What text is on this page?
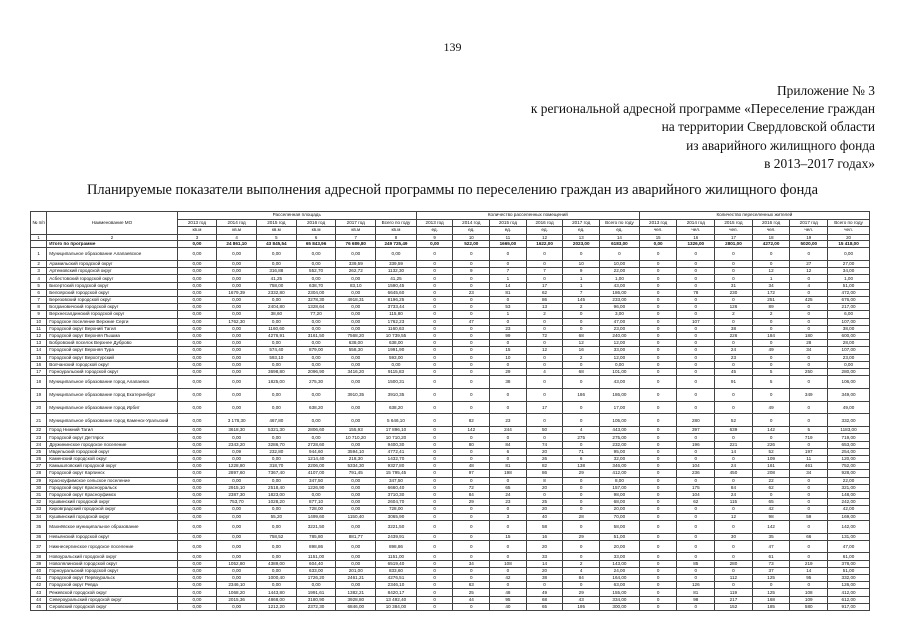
139
Приложение № 3
к региональной адресной программе «Переселение граждан
на территории Свердловской области
из аварийного жилищного фонда
в 2013–2017 годах»
Планируемые показатели выполнения адресной программы по переселению граждан из аварийного жилищного фонда
№ п/п	Наименование МО	Расселенная площадь						Количество расселенных помещений						Количество переселенных жителей					
		2013 год	2014 год	2015 год	2016 год	2017 год	Всего по году	2013 год	2014 год	2015 год	2016 год	2017 год	Всего по году	2013 год	2014 год	2015 год	2016 год	2017 год	Всего по году
		кв.м	кв.м	кв.м	кв.м	кв.м	кв.м	ед.	ед.	ед.	ед.	ед.	ед.	чел.	чел.	чел.	чел.	чел.	чел.
1	2	3	4	5	6	7	8	9	10	11	12	13	14	15	16	17	18	19	20
	Итого по программе	0,00	24 861,10	43 845,54	65 843,96	76 689,80	249 725,49	0,00	522,00	1665,00	1622,00	2023,00	6183,00	0,00	1326,00	2801,00	4272,00	5020,00	15 418,00
1	Муниципальное образование Алапаевское	0,00	0,00	0,00	0,00	0,00	0,00	0	0	0	0	0	0	0	0	0	0	0	0,00
2	Арамильский городской округ	0,00	0,00	0,00	0,00	339,59	339,59	0	0	0	0	10	10,00	0	0	0	0	27	27,00
3	Артемовский городской округ	0,00	0,00	316,88	552,70	262,72	1132,30	0	9	7	7	9	22,00	0	0	0	12	12	34,00
4	Асбестовский городской округ	0,00	0,00	41,25	0,00	0,00	41,25	0	0	1	0	1	1,00	0	0	0	1	0	1,00
5	Бисертский городской округ	0,00	0,00	758,00	638,70	83,10	1590,45	0	0	14	17	1	43,00	0	0	31	34	4	51,00
6	Белоярский городской округ	0,00	1679,39	2332,80	2304,00	0,00	6645,60	0	23	81	62	7	186,00	0	78	230	172	0	472,00
7	Березовский городской округ	0,00	0,00	0,00	3278,30	4918,31	8196,25	0	0	0	86	145	233,00	0	0	0	251	425	676,00
8	Богдановичский городской округ	0,00	0,00	2404,80	1328,64	0,00	3733,44	0	0	53	13	2	96,00	0	0	126	89	0	217,00
9	Верхнесалдинский городской округ	0,00	0,00	38,60	77,20	0,00	115,80	0	0	1	2	0	3,00	0	0	2	2	0	6,00
10	Городское поселение Верхние Серги	0,00	1762,30	0,00	0,00	0,00	1762,23	0	47	0	0	0	47,00	0	107	0	0	0	107,00
11	Городской округ Верхний Тагил	0,00	0,00	1160,60	0,00	0,00	1160,63	0	0	23	0	0	23,00	0	0	38	0	0	38,00
12	Городской округ Верхняя Пышма	0,00	0,00	4276,91	3161,50	7568,20	10 739,55	0	0	99	72	68	240,00	0	0	226	184	180	600,00
13	Бобровский поселок Верхнее Дуброво	0,00	0,00	0,00	0,00	638,00	638,00	0	0	0	0	12	12,00	0	0	0	0	28	28,00
14	Городской округ Верхняя Тура	0,00	0,00	574,40	879,00	558,30	1991,90	0	0	15	12	16	33,00	0	0	24	49	34	107,00
15	Городской округ Верхотурский	0,00	0,00	593,10	0,00	0,00	593,00	0	0	10	0	2	12,00	0	0	23	0	0	23,00
16	Волчанский городской округ	0,00	0,00	0,00	0,00	0,00	0,00	0	0	0	0	0	0,00	0	0	0	0	0	0,00
17	Горноуральский городской округ	0,00	0,00	3698,80	2096,90	3416,20	9115,83	0	0	29	4	68	101,00	0	0	45	5	250	280,00
18	Муниципальное образование город Алапаевск	0,00	0,00	1825,00	275,30	0,00	1500,31	0	0	38	0	0	43,00	0	0	91	5	0	106,00
19	Муниципальное образование город Екатеринбург	0,00	0,00	0,00	0,00	3910,35	3910,35	0	0	0	0	186	186,00	0	0	0	0	349	349,00
20	Муниципальное образование город Ирбит	0,00	0,00	0,00	638,20	0,00	638,20	0	0	0	17	0	17,00	0	0	0	49	0	49,00
21	Муниципальное образование город Каменск-Уральский	0,00	3 178,30	467,80	0,00	0,00	5 646,10	0	82	23	0	0	105,00	0	280	52	0	0	332,00
22	Город Нижний Тагил	0,00	3618,30	5321,30	2806,60	155,93	17 896,10	0	142	244	50	4	443,00	0	397	639	142	5	1183,00
23	Городской округ Дегтярск	0,00	0,00	0,00	0,00	10 710,20	10 710,20	0	0	0	0	275	275,00	0	0	0	0	719	719,00
24	Дружининское городское поселение	0,00	2343,20	3286,70	2728,60	0,00	9400,30	0	80	84	74	0	232,00	0	196	221	226	0	653,00
25	Ивдельский городской округ	0,00	0,09	232,80	944,60	3594,10	4772,41	0	0	6	20	71	95,00	0	0	14	52	197	254,00
26	Каменский городской округ	0,00	0,00	0,00	1214,40	218,30	1432,70	0	0	0	26	6	32,00	0	0	0	109	11	120,00
27	Камышловский городской округ	0,00	1228,80	318,70	2206,00	5334,30	9327,80	0	48	81	82	138	346,00	0	104	24	161	461	752,00
28	Городской округ Карпинск	0,00	2897,60	7367,40	4107,00	791,45	15 795,45	0	97	198	86	29	412,00	0	236	450	208	34	928,00
29	Красноуфимское сельское поселение	0,00	0,00	0,00	347,50	0,00	347,50	0	0	0	8	0	8,00	0	0	0	22	0	22,00
30	Городской округ Красноуральск	0,00	2915,10	2518,40	1226,90	0,00	6660,40	0	72	65	20	0	157,00	0	175	84	62	0	321,00
31	Городской округ Красноуфимск	0,00	2387,30	1823,00	0,00	0,00	3710,30	0	84	24	0	0	98,00	0	104	24	0	0	148,00
32	Кушвинский городской округ	0,00	753,70	1028,20	877,10	0,00	2604,70	0	29	23	25	0	68,00	0	62	115	65	0	242,00
33	Кировградский городской округ	0,00	0,00	0,00	728,00	0,00	728,00	0	0	0	20	0	20,00	0	0	0	42	0	42,00
34	Кушвинский городской округ	0,00	0,00	55,20	1499,60	1150,40	3065,90	0	0	3	40	28	70,00	0	0	12	98	59	169,00
35	Махнёвское муниципальное образование	0,00	0,00	0,00	3221,50	0,00	3221,50	0	0	0	58	0	58,00	0	0	0	142	0	142,00
36	Невьянский городской округ	0,00	0,00	758,52	785,80	881,77	2439,91	0	0	15	16	29	51,00	0	0	30	35	66	131,00
37	Нижнесергинское городское поселение	0,00	0,00	0,00	898,86	0,00	898,86	0	0	0	20	0	20,00	0	0	0	47	0	47,00
38	Новоуральский городской округ	0,00	0,00	0,00	1151,00	0,00	1151,00	0	0	0	33	0	33,00	0	0	0	61	0	61,00
39	Новолялинский городской округ	0,00	1052,80	4389,00	604,40	0,00	6519,40	0	34	108	14	2	143,00	0	85	280	73	219	378,00
40	Горноуральский городской округ	0,00	0,00	0,00	633,00	201,00	833,60	0	0	0	20	4	24,00	0	0	0	37	14	51,00
41	Городской округ Первоуральск	0,00	0,00	1000,40	1726,20	2461,21	4276,51	0	0	42	38	84	164,00	0	0	112	125	95	332,00
42	Городской округ Ревда	0,00	2346,10	0,00	0,00	0,00	2346,10	0	63	0	0	0	63,00	0	126	0	0	0	126,00
43	Режевской городской округ	0,00	1068,20	1443,80	1991,61	1382,21	8420,17	0	25	48	49	29	155,00	0	81	119	125	108	412,00
44	Североуральский городской округ	0,00	2015,36	4868,00	3180,90	3928,80	13 492,40	0	44	95	68	43	334,00	0	98	217	168	109	612,00
45	Серовский городской округ	0,00	0,00	1212,20	2372,30	6846,00	10 384,00	0	0	40	65	195	300,00	0	0	152	185	580	917,00
